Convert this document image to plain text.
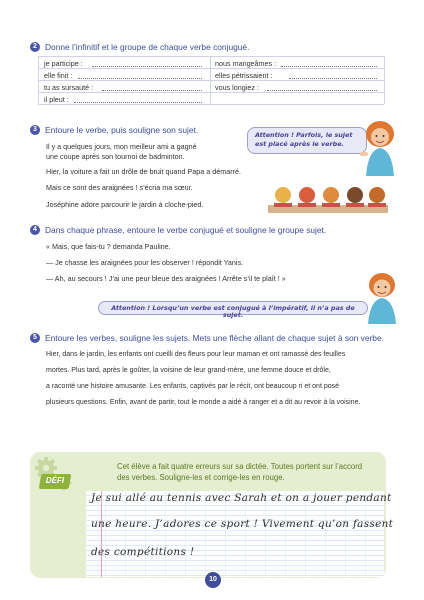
2 Donne l’infinitif et le groupe de chaque verbe conjugué.
je participe :
elle finit :
tu as sursauté :
il pleut :
nous mangeâmes :
elles pétrissaient :
vous longiez :
3 Entoure le verbe, puis souligne son sujet.
Il y a quelques jours, mon meilleur ami a gagné
une coupe après son tournoi de badminton.
Hier, la voiture a fait un drôle de bruit quand Papa a démarré.
Mais ce sont des araignées ! s’écria ma sœur.
Joséphine adore parcourir le jardin à cloche-pied.
Attention ! Parfois, le sujet
est placé après le verbe.
4 Dans chaque phrase, entoure le verbe conjugué et souligne le groupe sujet.
« Mais, que fais-tu ? demanda Pauline.
— Je chasse les araignées pour les observer ! répondit Yanis.
— Ah, au secours ! J’ai une peur bleue des araignées ! Arrête s’il te plaît ! »
Attention ! Lorsqu’un verbe est conjugué à l’impératif, il n’a pas de sujet.
5 Entoure les verbes, souligne les sujets. Mets une flèche allant de chaque sujet à son verbe.
Hier, dans le jardin, les enfants ont cueilli des fleurs pour leur maman et ont ramassé des feuilles
mortes. Plus tard, après le goûter, la voisine de leur grand-mère, une femme douce et drôle,
a raconté une histoire amusante. Les enfants, captivés par le récit, ont beaucoup ri et ont posé
plusieurs questions. Enfin, avant de partir, tout le monde a aidé à ranger et a dit au revoir à la voisine.
DÉFI
Cet élève a fait quatre erreurs sur sa dictée. Toutes portent sur l’accord
des verbes. Souligne-les et corrige-les en rouge.
Je sui allé au tennis avec Sarah et on a jouer pendant
une heure. J’adores ce sport ! Vivement qu’on fassent
des compétitions !
10
